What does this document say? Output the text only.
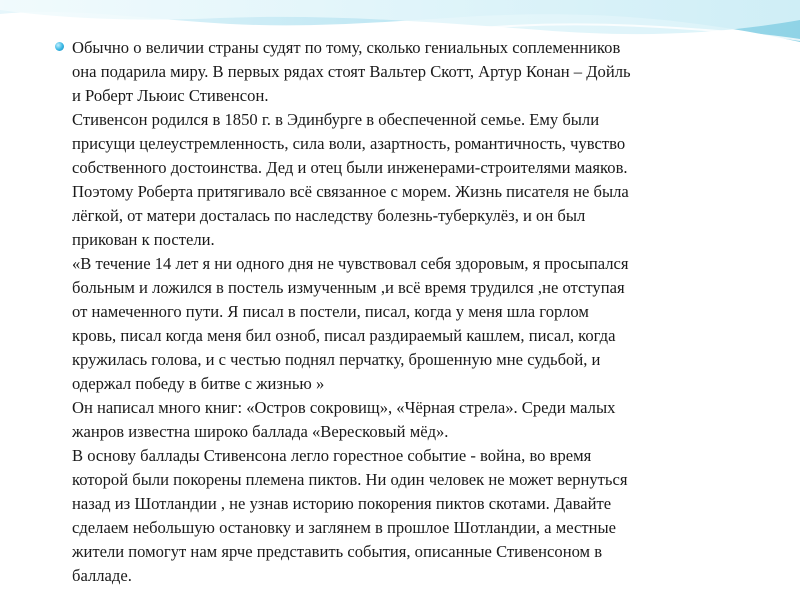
Обычно о величии страны судят по тому, сколько гениальных соплеменников
она подарила миру. В первых рядах стоят Вальтер Скотт, Артур Конан – Дойль
и Роберт Льюис Стивенсон.
Стивенсон родился в 1850 г. в Эдинбурге в обеспеченной семье. Ему были
присущи целеустремленность, сила воли, азартность, романтичность, чувство
собственного достоинства. Дед и отец были инженерами-строителями маяков.
Поэтому Роберта притягивало всё связанное с морем. Жизнь писателя не была
лёгкой, от матери досталась по наследству болезнь-туберкулёз, и он был
прикован к постели.
«В течение 14 лет я ни одного дня не чувствовал себя здоровым, я просыпался
больным и ложился в постель измученным ,и всё время трудился ,не отступая
от намеченного пути. Я писал в постели, писал, когда у меня шла горлом
кровь, писал когда меня бил озноб, писал раздираемый кашлем, писал, когда
кружилась голова, и с честью поднял перчатку, брошенную мне судьбой, и
одержал победу в битве с жизнью »
Он написал много книг: «Остров сокровищ», «Чёрная стрела». Среди малых
жанров известна широко баллада «Вересковый мёд».
В основу баллады Стивенсона легло горестное событие - война, во время
которой были покорены племена пиктов. Ни один человек не может вернуться
назад из Шотландии , не узнав историю покорения пиктов скотами. Давайте
сделаем небольшую остановку и заглянем в прошлое Шотландии, а местные
жители помогут нам ярче представить события, описанные Стивенсоном в
балладе.
